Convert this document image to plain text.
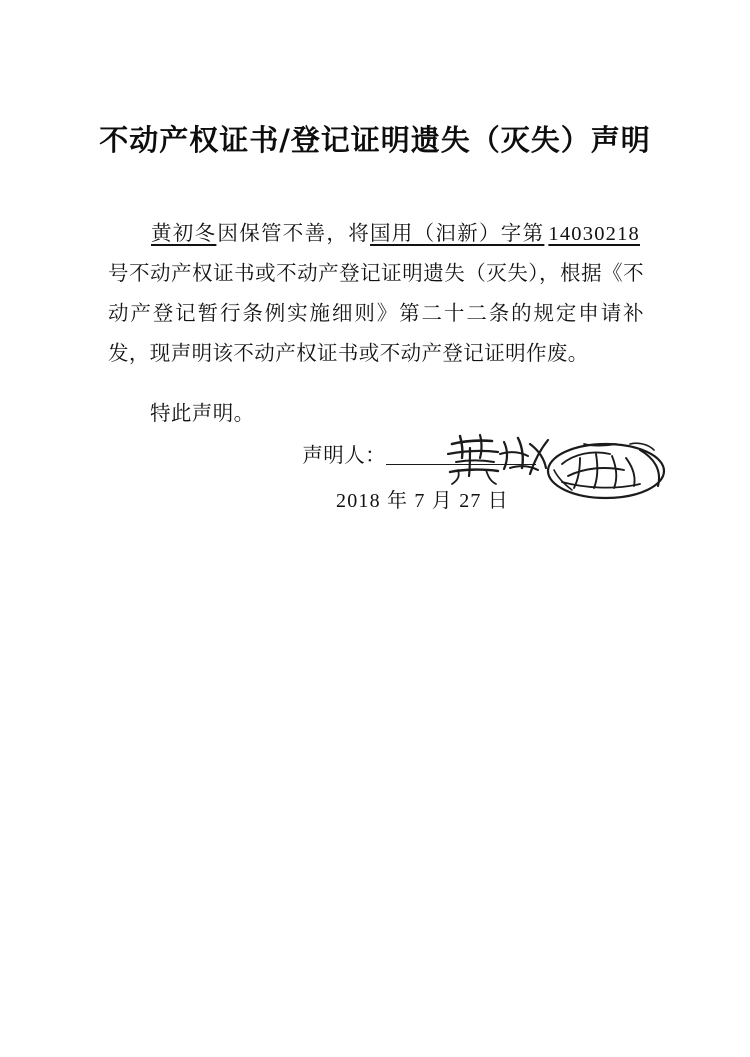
不动产权证书/登记证明遗失（灭失）声明

黄初冬因保管不善，将国用（汩新）字第 14030218号不动产权证书或不动产登记证明遗失（灭失），根据《不动产登记暂行条例实施细则》第二十二条的规定申请补发，现声明该不动产权证书或不动产登记证明作废。

特此声明。

声明人：
2018 年 7 月 27 日
